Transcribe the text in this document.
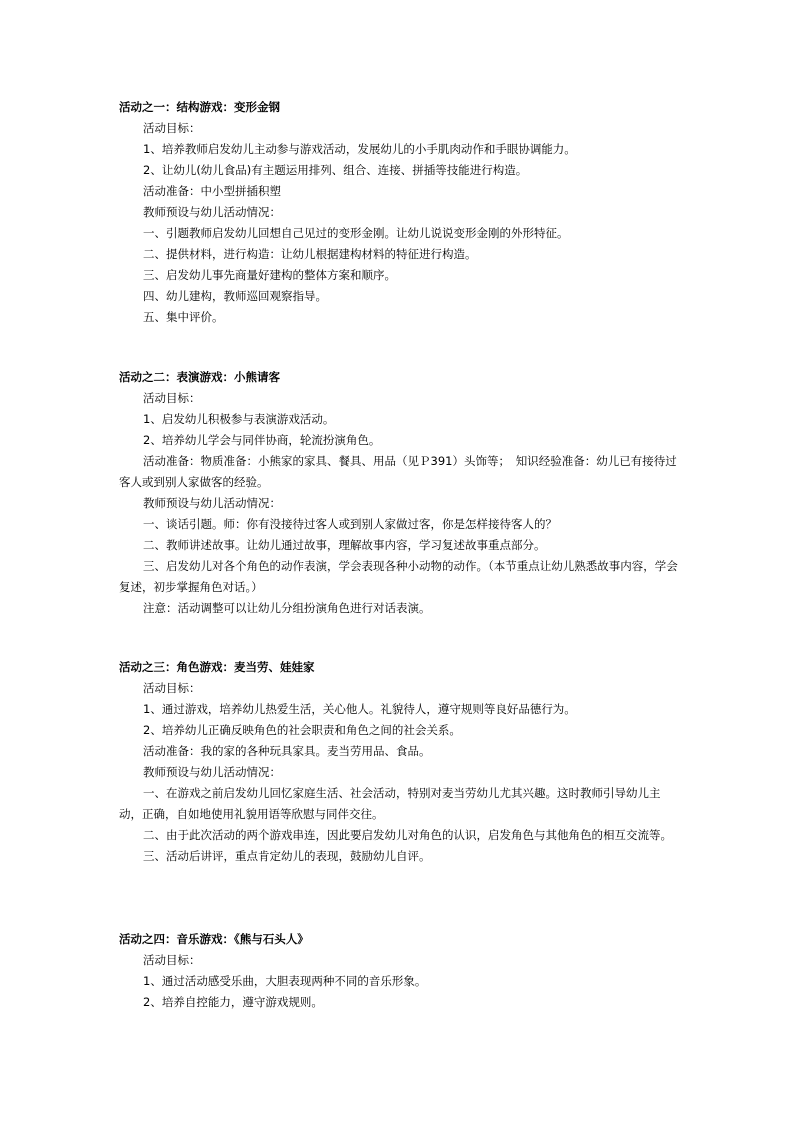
活动之一：结构游戏：变形金钢
活动目标：
1、培养教师启发幼儿主动参与游戏活动，发展幼儿的小手肌肉动作和手眼协调能力。
2、让幼儿(幼儿食品)有主题运用排列、组合、连接、拼插等技能进行构造。
活动准备：中小型拼插积塑
教师预设与幼儿活动情况：
一、引题教师启发幼儿回想自己见过的变形金刚。让幼儿说说变形金刚的外形特征。
二、提供材料，进行构造：让幼儿根据建构材料的特征进行构造。
三、启发幼儿事先商量好建构的整体方案和顺序。
四、幼儿建构，教师巡回观察指导。
五、集中评价。
活动之二：表演游戏：小熊请客
活动目标：
1、启发幼儿积极参与表演游戏活动。
2、培养幼儿学会与同伴协商，轮流扮演角色。
活动准备：物质准备：小熊家的家具、餐具、用品（见Ｐ391）头饰等；　知识经验准备：幼儿已有接待过客人或到别人家做客的经验。
教师预设与幼儿活动情况：
一、谈话引题。师：你有没接待过客人或到别人家做过客，你是怎样接待客人的？
二、教师讲述故事。让幼儿通过故事，理解故事内容，学习复述故事重点部分。
三、启发幼儿对各个角色的动作表演，学会表现各种小动物的动作。（本节重点让幼儿熟悉故事内容，学会复述，初步掌握角色对话。）
注意：活动调整可以让幼儿分组扮演角色进行对话表演。
活动之三：角色游戏：麦当劳、娃娃家
活动目标：
1、通过游戏，培养幼儿热爱生活，关心他人。礼貌待人，遵守规则等良好品德行为。
2、培养幼儿正确反映角色的社会职责和角色之间的社会关系。
活动准备：我的家的各种玩具家具。麦当劳用品、食品。
教师预设与幼儿活动情况：
一、在游戏之前启发幼儿回忆家庭生活、社会活动，特别对麦当劳幼儿尤其兴趣。这时教师引导幼儿主动，正确，自如地使用礼貌用语等欣慰与同伴交往。
二、由于此次活动的两个游戏串连，因此要启发幼儿对角色的认识，启发角色与其他角色的相互交流等。
三、活动后讲评，重点肯定幼儿的表现，鼓励幼儿自评。
活动之四：音乐游戏：《熊与石头人》
活动目标：
1、通过活动感受乐曲，大胆表现两种不同的音乐形象。
2、培养自控能力，遵守游戏规则。
